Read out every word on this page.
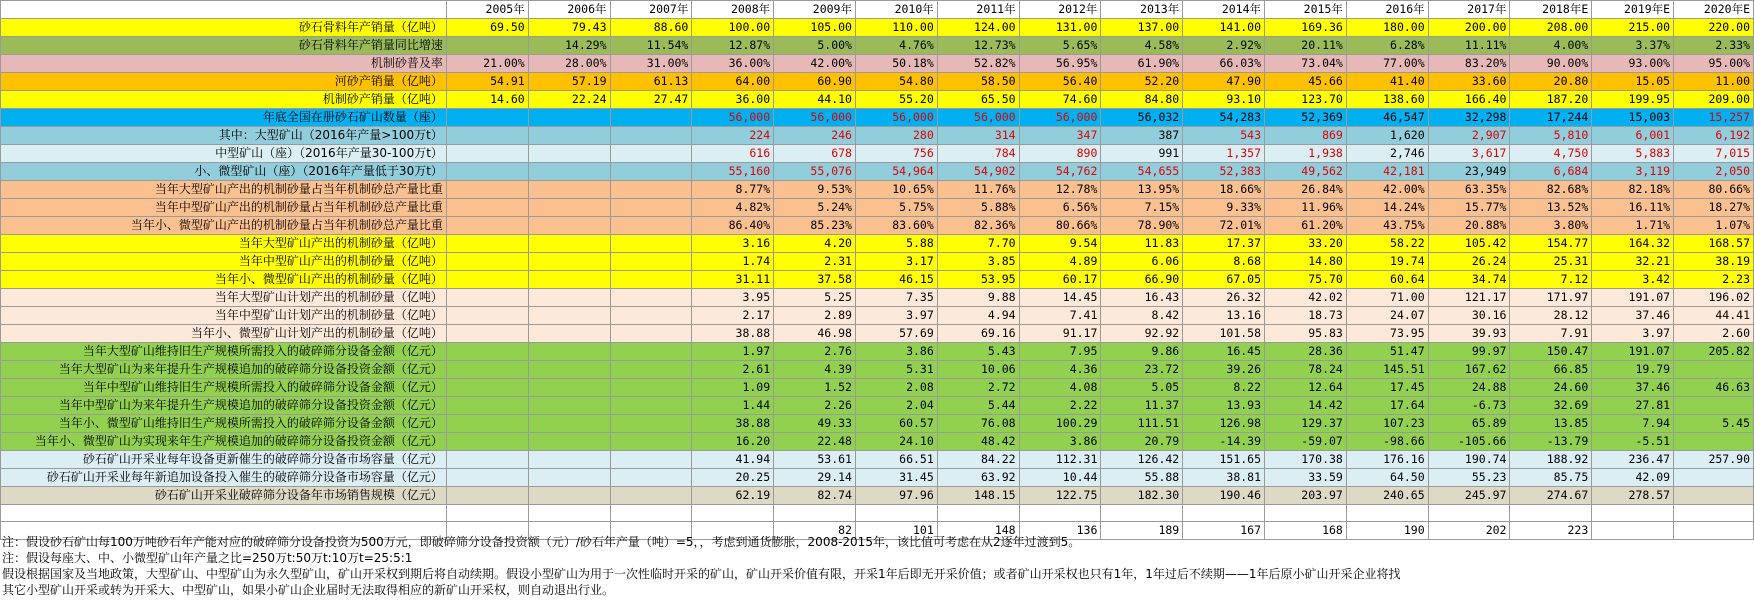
	2005年	2006年	2007年	2008年	2009年	2010年	2011年	2012年	2013年	2014年	2015年	2016年	2017年	2018年E	2019年E	2020年E
砂石骨料年产销量（亿吨）	69.50	79.43	88.60	100.00	105.00	110.00	124.00	131.00	137.00	141.00	169.36	180.00	200.00	208.00	215.00	220.00
砂石骨料年产销量同比增速		14.29%	11.54%	12.87%	5.00%	4.76%	12.73%	5.65%	4.58%	2.92%	20.11%	6.28%	11.11%	4.00%	3.37%	2.33%
机制砂普及率	21.00%	28.00%	31.00%	36.00%	42.00%	50.18%	52.82%	56.95%	61.90%	66.03%	73.04%	77.00%	83.20%	90.00%	93.00%	95.00%
河砂产销量（亿吨）	54.91	57.19	61.13	64.00	60.90	54.80	58.50	56.40	52.20	47.90	45.66	41.40	33.60	20.80	15.05	11.00
机制砂产销量（亿吨）	14.60	22.24	27.47	36.00	44.10	55.20	65.50	74.60	84.80	93.10	123.70	138.60	166.40	187.20	199.95	209.00
年底全国在册砂石矿山数量（座）				56,000	56,000	56,000	56,000	56,000	56,032	54,283	52,369	46,547	32,298	17,244	15,003	15,257
其中：大型矿山（2016年产量>100万t）				224	246	280	314	347	387	543	869	1,620	2,907	5,810	6,001	6,192
中型矿山（座）（2016年产量30-100万t）				616	678	756	784	890	991	1,357	1,938	2,746	3,617	4,750	5,883	7,015
小、微型矿山（座）（2016年产量低于30万t）				55,160	55,076	54,964	54,902	54,762	54,655	52,383	49,562	42,181	23,949	6,684	3,119	2,050
当年大型矿山产出的机制砂量占当年机制砂总产量比重				8.77%	9.53%	10.65%	11.76%	12.78%	13.95%	18.66%	26.84%	42.00%	63.35%	82.68%	82.18%	80.66%
当年中型矿山产出的机制砂量占当年机制砂总产量比重				4.82%	5.24%	5.75%	5.88%	6.56%	7.15%	9.33%	11.96%	14.24%	15.77%	13.52%	16.11%	18.27%
当年小、微型矿山产出的机制砂量占当年机制砂总产量比重				86.40%	85.23%	83.60%	82.36%	80.66%	78.90%	72.01%	61.20%	43.75%	20.88%	3.80%	1.71%	1.07%
当年大型矿山产出的机制砂量（亿吨）				3.16	4.20	5.88	7.70	9.54	11.83	17.37	33.20	58.22	105.42	154.77	164.32	168.57
当年中型矿山产出的机制砂量（亿吨）				1.74	2.31	3.17	3.85	4.89	6.06	8.68	14.80	19.74	26.24	25.31	32.21	38.19
当年小、微型矿山产出的机制砂量（亿吨）				31.11	37.58	46.15	53.95	60.17	66.90	67.05	75.70	60.64	34.74	7.12	3.42	2.23
当年大型矿山计划产出的机制砂量（亿吨）				3.95	5.25	7.35	9.88	14.45	16.43	26.32	42.02	71.00	121.17	171.97	191.07	196.02
当年中型矿山计划产出的机制砂量（亿吨）				2.17	2.89	3.97	4.94	7.41	8.42	13.16	18.73	24.07	30.16	28.12	37.46	44.41
当年小、微型矿山计划产出的机制砂量（亿吨）				38.88	46.98	57.69	69.16	91.17	92.92	101.58	95.83	73.95	39.93	7.91	3.97	2.60
当年大型矿山维持旧生产规模所需投入的破碎筛分设备金额（亿元）				1.97	2.76	3.86	5.43	7.95	9.86	16.45	28.36	51.47	99.97	150.47	191.07	205.82
当年大型矿山为来年提升生产规模追加的破碎筛分设备投资金额（亿元）				2.61	4.39	5.31	10.06	4.36	23.72	39.26	78.24	145.51	167.62	66.85	19.79	
当年中型矿山维持旧生产规模所需投入的破碎筛分设备金额（亿元）				1.09	1.52	2.08	2.72	4.08	5.05	8.22	12.64	17.45	24.88	24.60	37.46	46.63
当年中型矿山为来年提升生产规模追加的破碎筛分设备投资金额（亿元）				1.44	2.26	2.04	5.44	2.22	11.37	13.93	14.42	17.64	-6.73	32.69	27.81	
当年小、微型矿山维持旧生产规模所需投入的破碎筛分设备金额（亿元）				38.88	49.33	60.57	76.08	100.29	111.51	126.98	129.37	107.23	65.89	13.85	7.94	5.45
当年小、微型矿山为实现来年生产规模追加的破碎筛分设备投资金额（亿元）				16.20	22.48	24.10	48.42	3.86	20.79	-14.39	-59.07	-98.66	-105.66	-13.79	-5.51	
砂石矿山开采业每年设备更新催生的破碎筛分设备市场容量（亿元）				41.94	53.61	66.51	84.22	112.31	126.42	151.65	170.38	176.16	190.74	188.92	236.47	257.90
砂石矿山开采业每年新追加设备投入催生的破碎筛分设备市场容量（亿元）				20.25	29.14	31.45	63.92	10.44	55.88	38.81	33.59	64.50	55.23	85.75	42.09	
砂石矿山开采业破碎筛分设备年市场销售规模（亿元）				62.19	82.74	97.96	148.15	122.75	182.30	190.46	203.97	240.65	245.97	274.67	278.57	

					82	101	148	136	189	167	168	190	202	223		
注：假设砂石矿山每100万吨砂石年产能对应的破碎筛分设备投资为500万元，即破碎筛分设备投资额（元）/砂石年产量（吨）=5，，考虑到通货膨胀，2008-2015年，该比值可考虑在从2逐年过渡到5。
注：假设每座大、中、小微型矿山年产量之比=250万t:50万t:10万t=25:5:1
假设根据国家及当地政策，大型矿山、中型矿山为永久型矿山，矿山开采权到期后将自动续期。假设小型矿山为用于一次性临时开采的矿山，矿山开采价值有限，开采1年后即无开采价值；或者矿山开采权也只有1年，1年过后不续期——1年后原小矿山开采企业将找
其它小型矿山开采或转为开采大、中型矿山，如果小矿山企业届时无法取得相应的新矿山开采权，则自动退出行业。
